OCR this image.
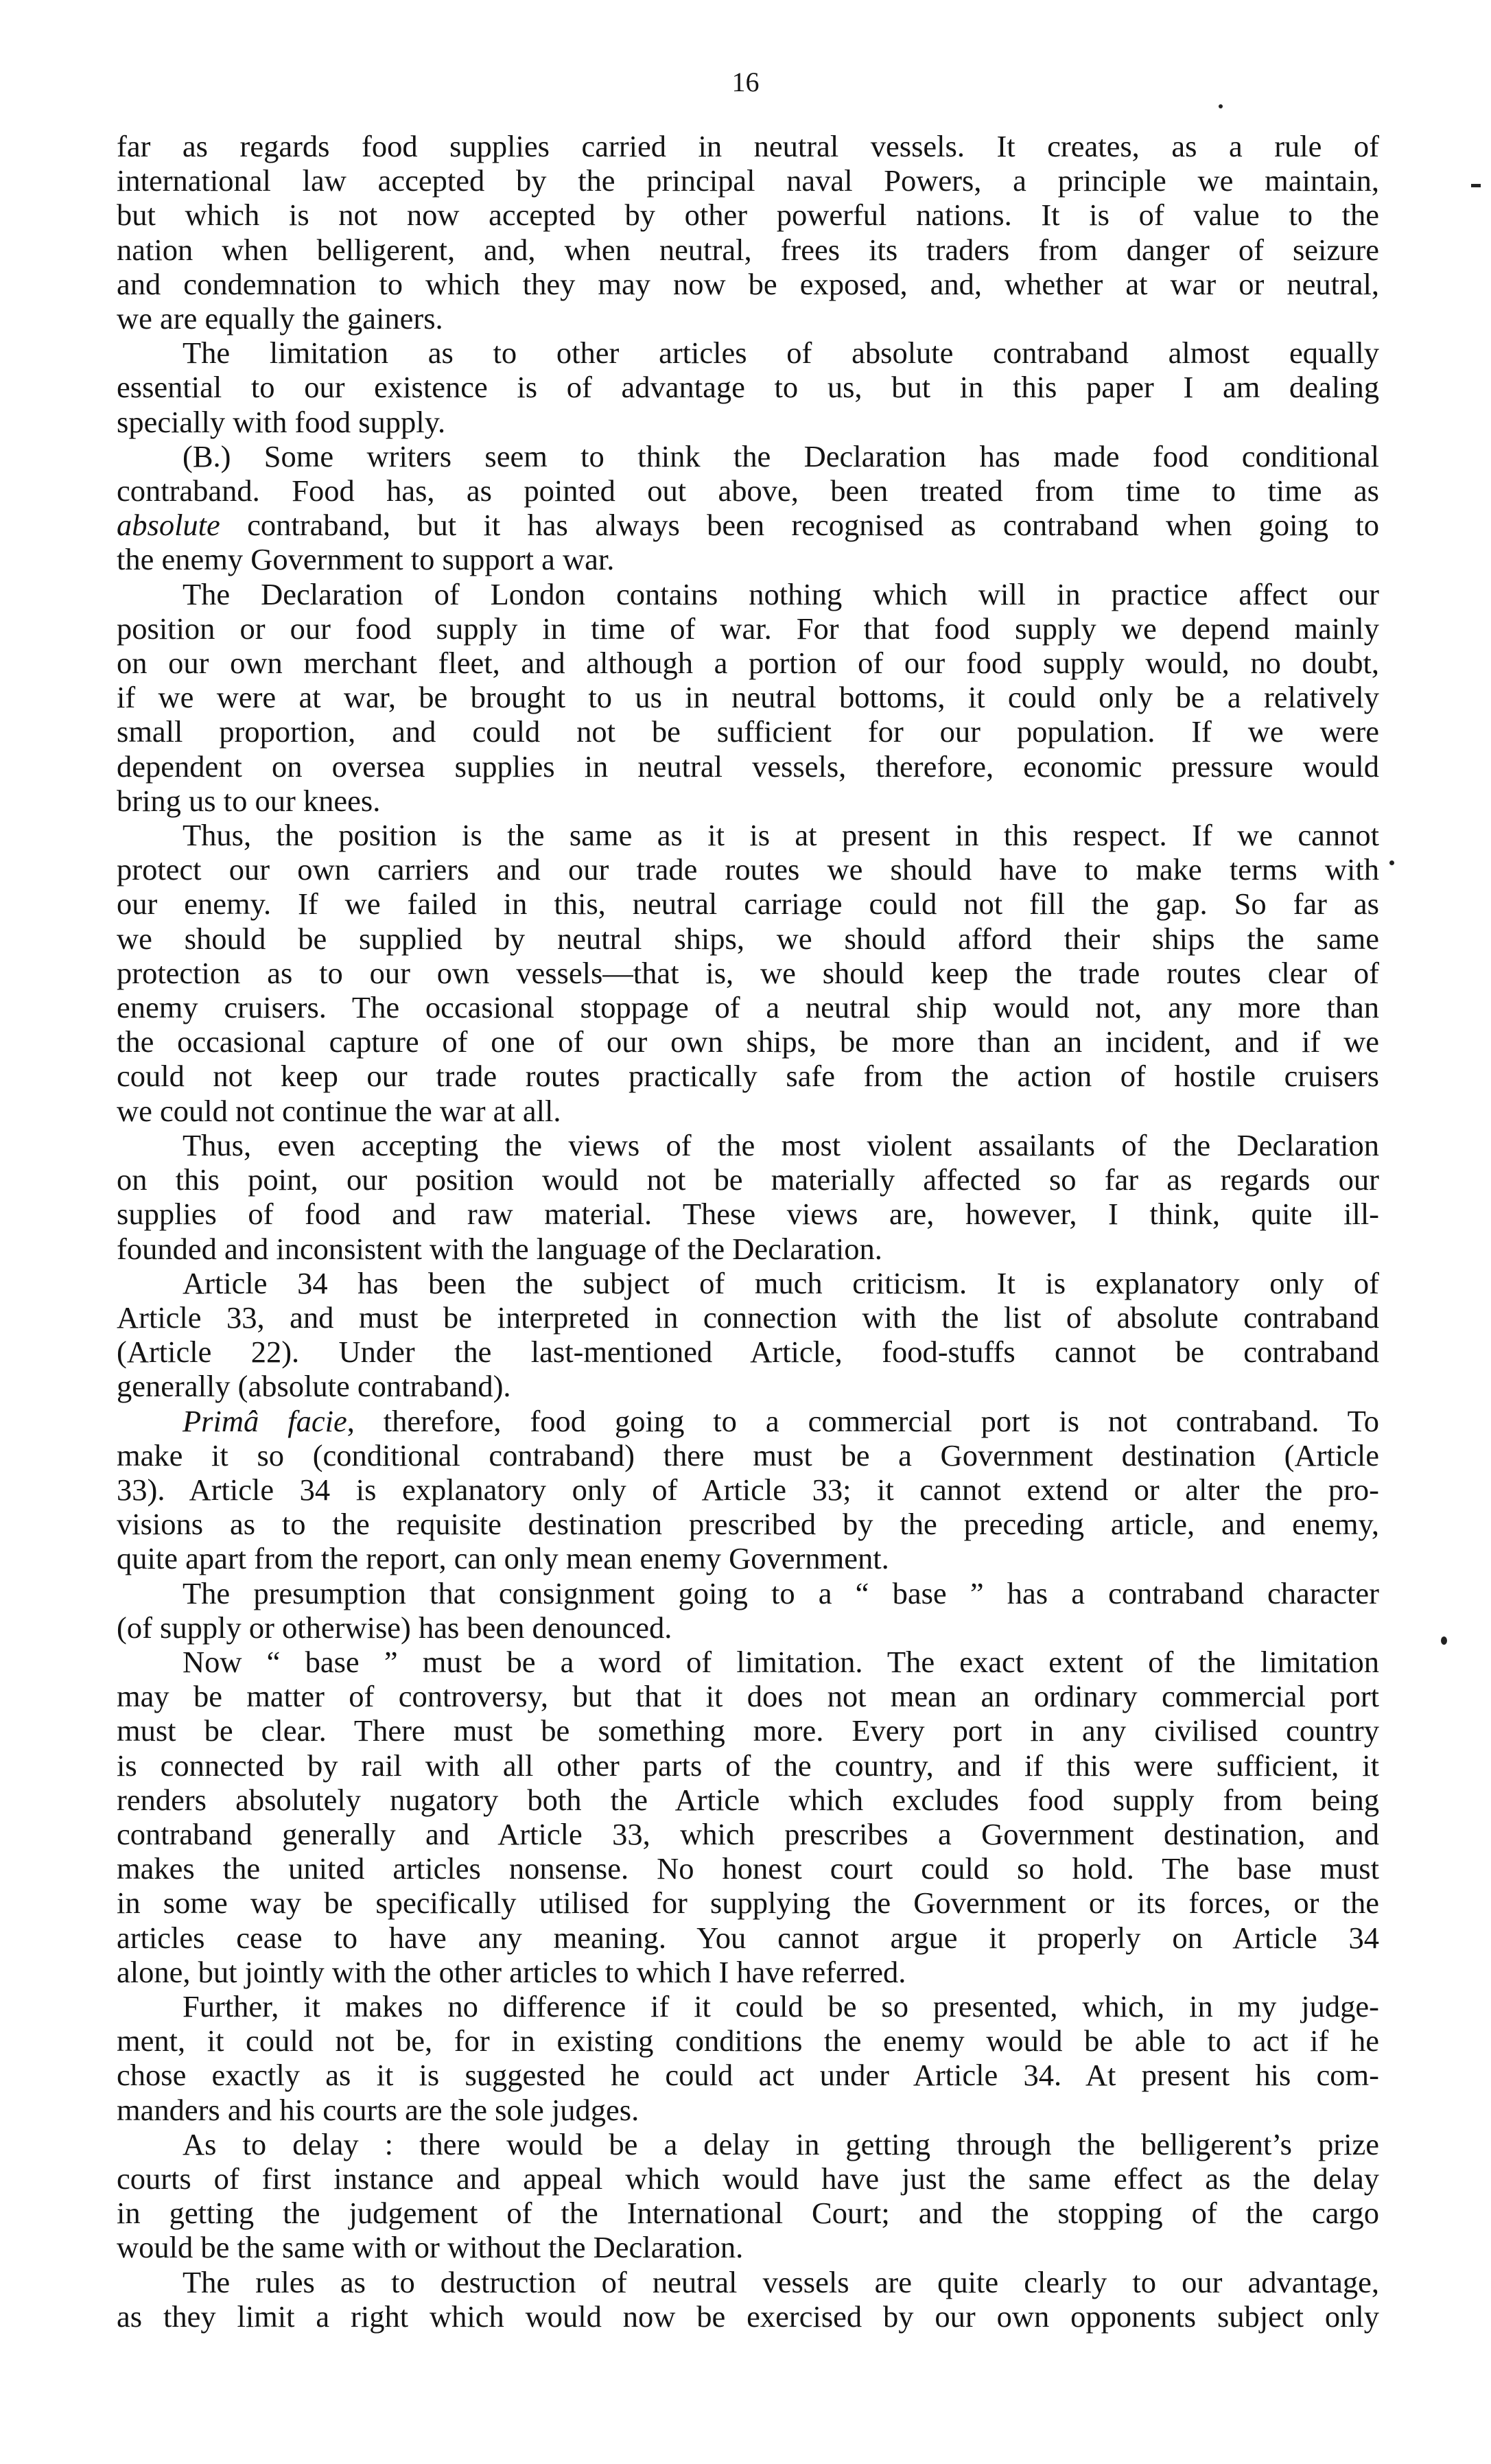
16
far as regards food supplies carried in neutral vessels. It creates, as a rule of
international law accepted by the principal naval Powers, a principle we maintain,
but which is not now accepted by other powerful nations. It is of value to the
nation when belligerent, and, when neutral, frees its traders from danger of seizure
and condemnation to which they may now be exposed, and, whether at war or neutral,
we are equally the gainers.
The limitation as to other articles of absolute contraband almost equally
essential to our existence is of advantage to us, but in this paper I am dealing
specially with food supply.
(B.) Some writers seem to think the Declaration has made food conditional
contraband. Food has, as pointed out above, been treated from time to time as
absolute contraband, but it has always been recognised as contraband when going to
the enemy Government to support a war.
The Declaration of London contains nothing which will in practice affect our
position or our food supply in time of war. For that food supply we depend mainly
on our own merchant fleet, and although a portion of our food supply would, no doubt,
if we were at war, be brought to us in neutral bottoms, it could only be a relatively
small proportion, and could not be sufficient for our population. If we were
dependent on oversea supplies in neutral vessels, therefore, economic pressure would
bring us to our knees.
Thus, the position is the same as it is at present in this respect. If we cannot
protect our own carriers and our trade routes we should have to make terms with
our enemy. If we failed in this, neutral carriage could not fill the gap. So far as
we should be supplied by neutral ships, we should afford their ships the same
protection as to our own vessels—that is, we should keep the trade routes clear of
enemy cruisers. The occasional stoppage of a neutral ship would not, any more than
the occasional capture of one of our own ships, be more than an incident, and if we
could not keep our trade routes practically safe from the action of hostile cruisers
we could not continue the war at all.
Thus, even accepting the views of the most violent assailants of the Declaration
on this point, our position would not be materially affected so far as regards our
supplies of food and raw material. These views are, however, I think, quite ill-
founded and inconsistent with the language of the Declaration.
Article 34 has been the subject of much criticism. It is explanatory only of
Article 33, and must be interpreted in connection with the list of absolute contraband
(Article 22). Under the last-mentioned Article, food-stuffs cannot be contraband
generally (absolute contraband).
Primâ facie, therefore, food going to a commercial port is not contraband. To
make it so (conditional contraband) there must be a Government destination (Article
33). Article 34 is explanatory only of Article 33; it cannot extend or alter the pro-
visions as to the requisite destination prescribed by the preceding article, and enemy,
quite apart from the report, can only mean enemy Government.
The presumption that consignment going to a “ base ” has a contraband character
(of supply or otherwise) has been denounced.
Now “ base ” must be a word of limitation. The exact extent of the limitation
may be matter of controversy, but that it does not mean an ordinary commercial port
must be clear. There must be something more. Every port in any civilised country
is connected by rail with all other parts of the country, and if this were sufficient, it
renders absolutely nugatory both the Article which excludes food supply from being
contraband generally and Article 33, which prescribes a Government destination, and
makes the united articles nonsense. No honest court could so hold. The base must
in some way be specifically utilised for supplying the Government or its forces, or the
articles cease to have any meaning. You cannot argue it properly on Article 34
alone, but jointly with the other articles to which I have referred.
Further, it makes no difference if it could be so presented, which, in my judge-
ment, it could not be, for in existing conditions the enemy would be able to act if he
chose exactly as it is suggested he could act under Article 34. At present his com-
manders and his courts are the sole judges.
As to delay : there would be a delay in getting through the belligerent’s prize
courts of first instance and appeal which would have just the same effect as the delay
in getting the judgement of the International Court; and the stopping of the cargo
would be the same with or without the Declaration.
The rules as to destruction of neutral vessels are quite clearly to our advantage,
as they limit a right which would now be exercised by our own opponents subject only
